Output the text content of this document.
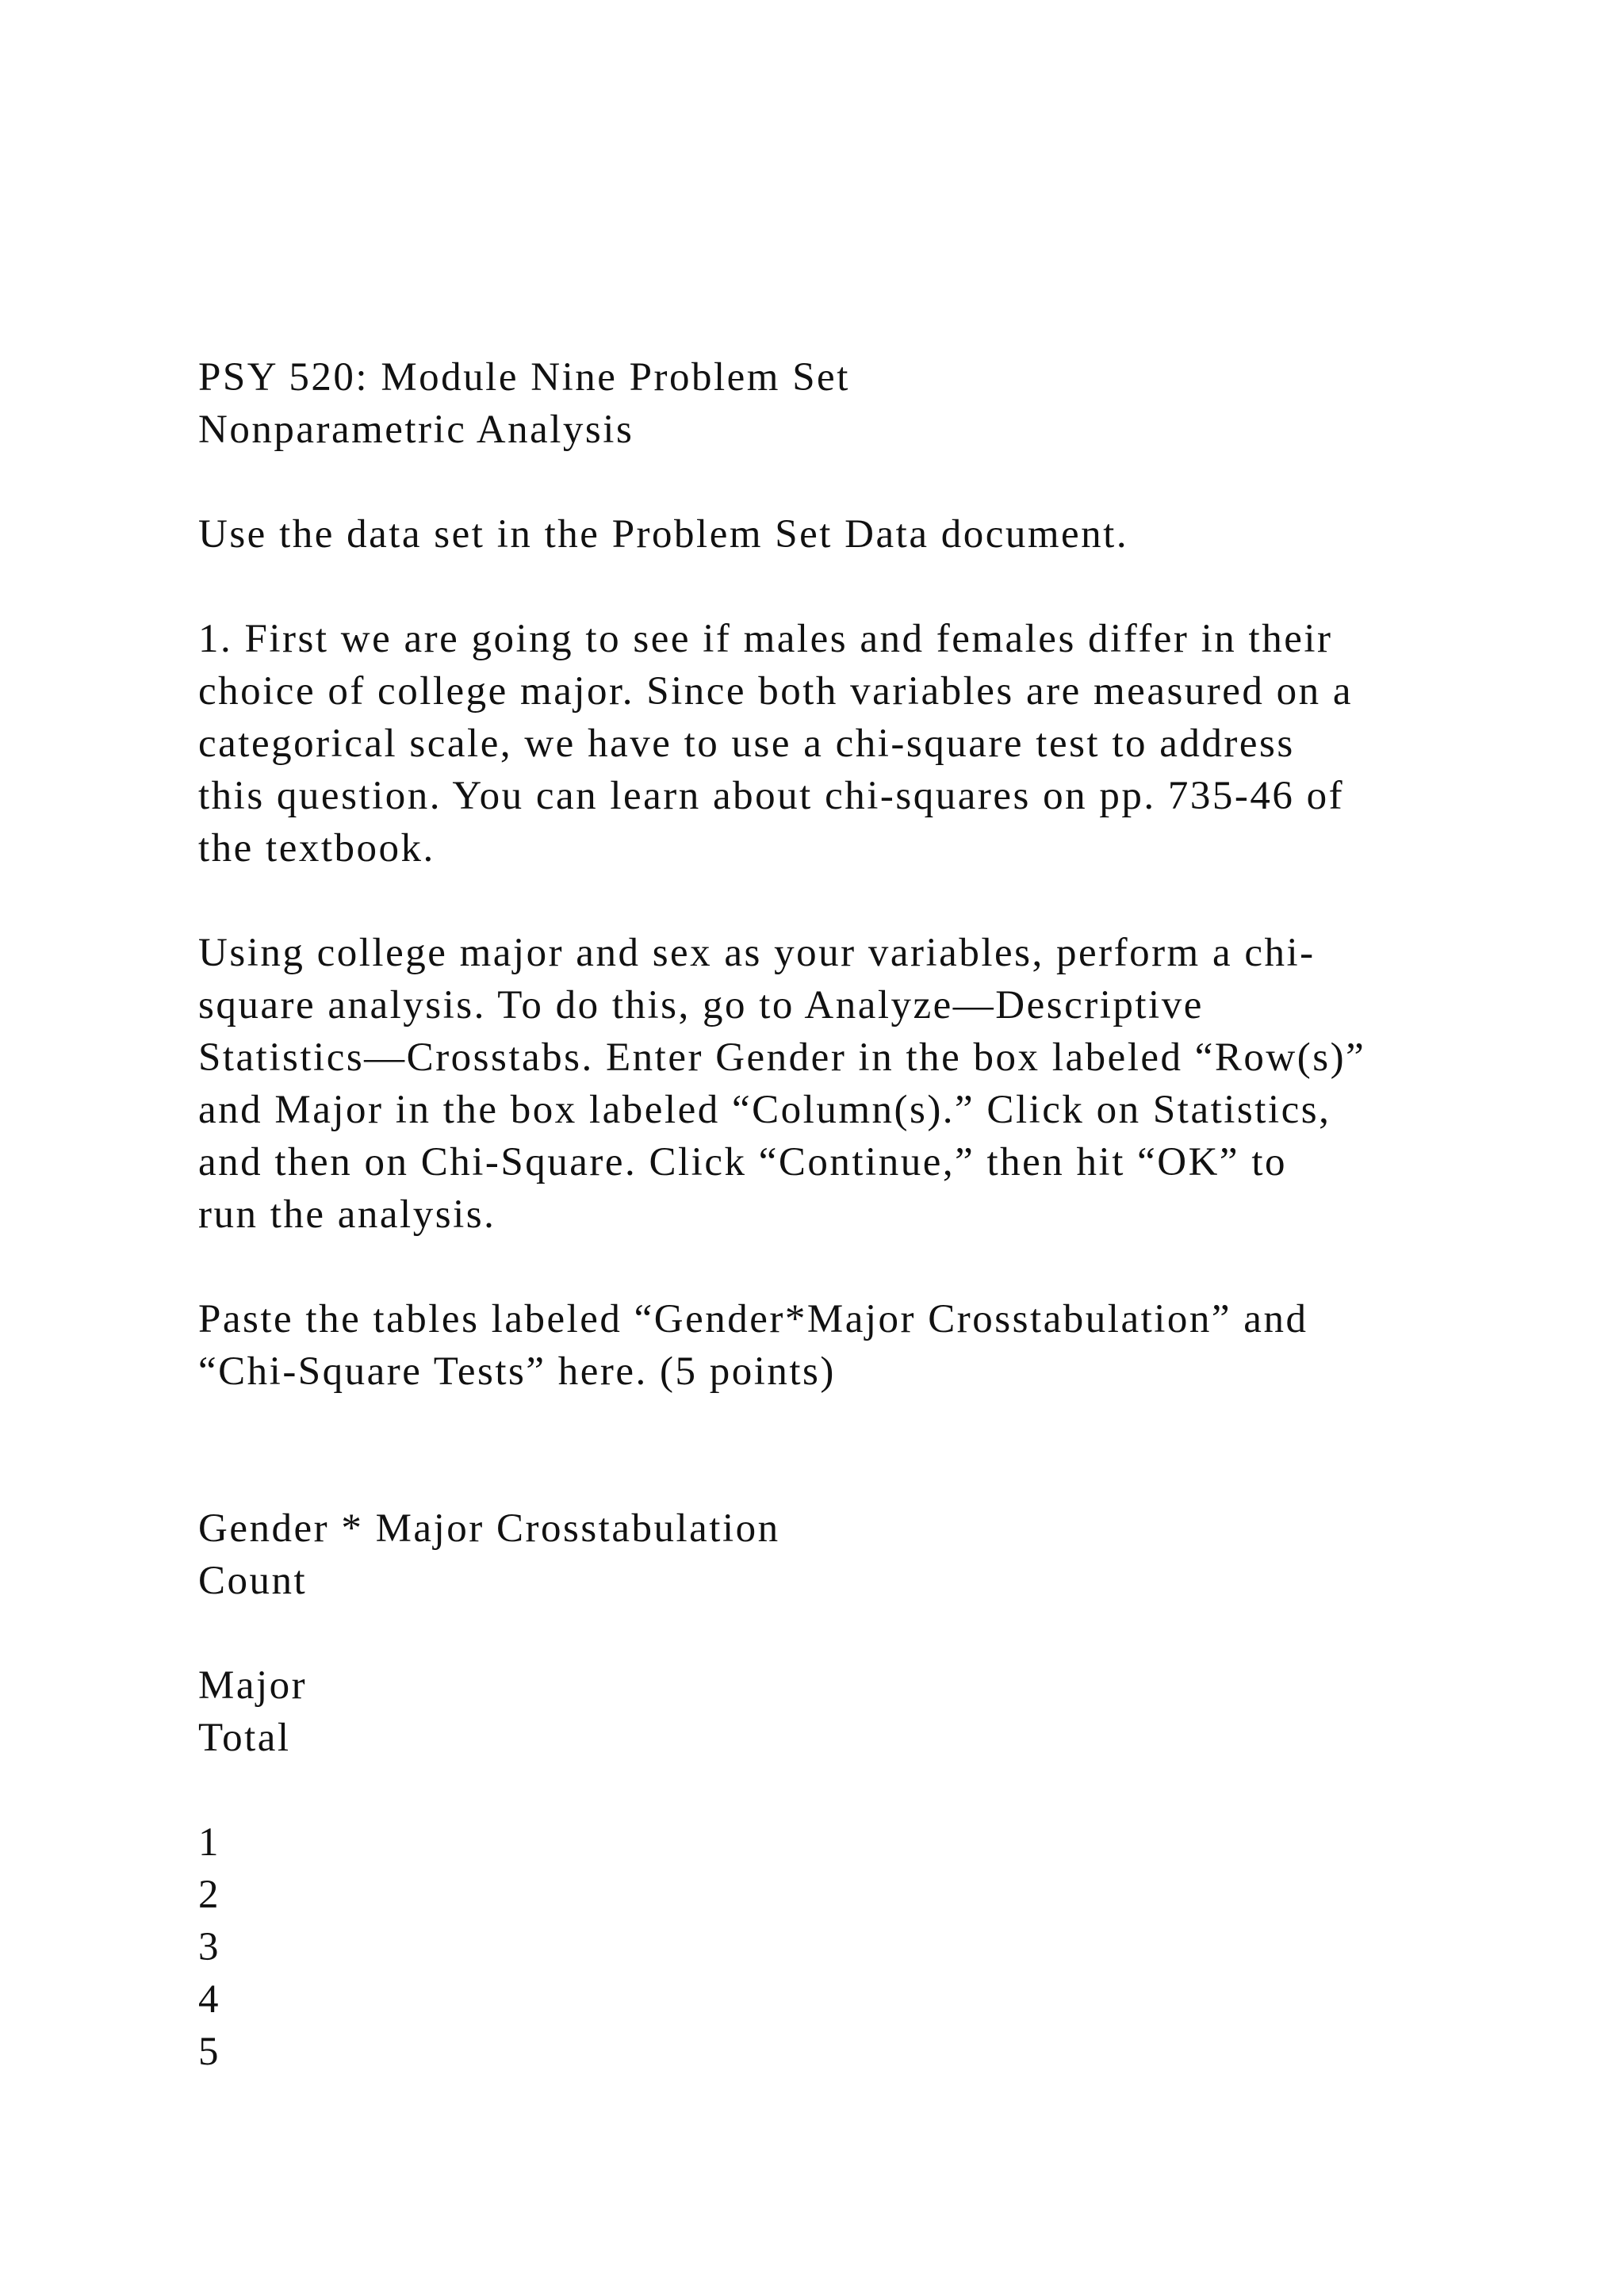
PSY 520: Module Nine Problem Set
Nonparametric Analysis
Use the data set in the Problem Set Data document.
1. First we are going to see if males and females differ in their
choice of college major. Since both variables are measured on a
categorical scale, we have to use a chi-square test to address
this question. You can learn about chi-squares on pp. 735-46 of
the textbook.
Using college major and sex as your variables, perform a chi-
square analysis. To do this, go to Analyze—Descriptive
Statistics—Crosstabs. Enter Gender in the box labeled “Row(s)”
and Major in the box labeled “Column(s).” Click on Statistics,
and then on Chi-Square. Click “Continue,” then hit “OK” to
run the analysis.
Paste the tables labeled “Gender*Major Crosstabulation” and
“Chi-Square Tests” here. (5 points)
Gender * Major Crosstabulation
Count
Major
Total
1
2
3
4
5
